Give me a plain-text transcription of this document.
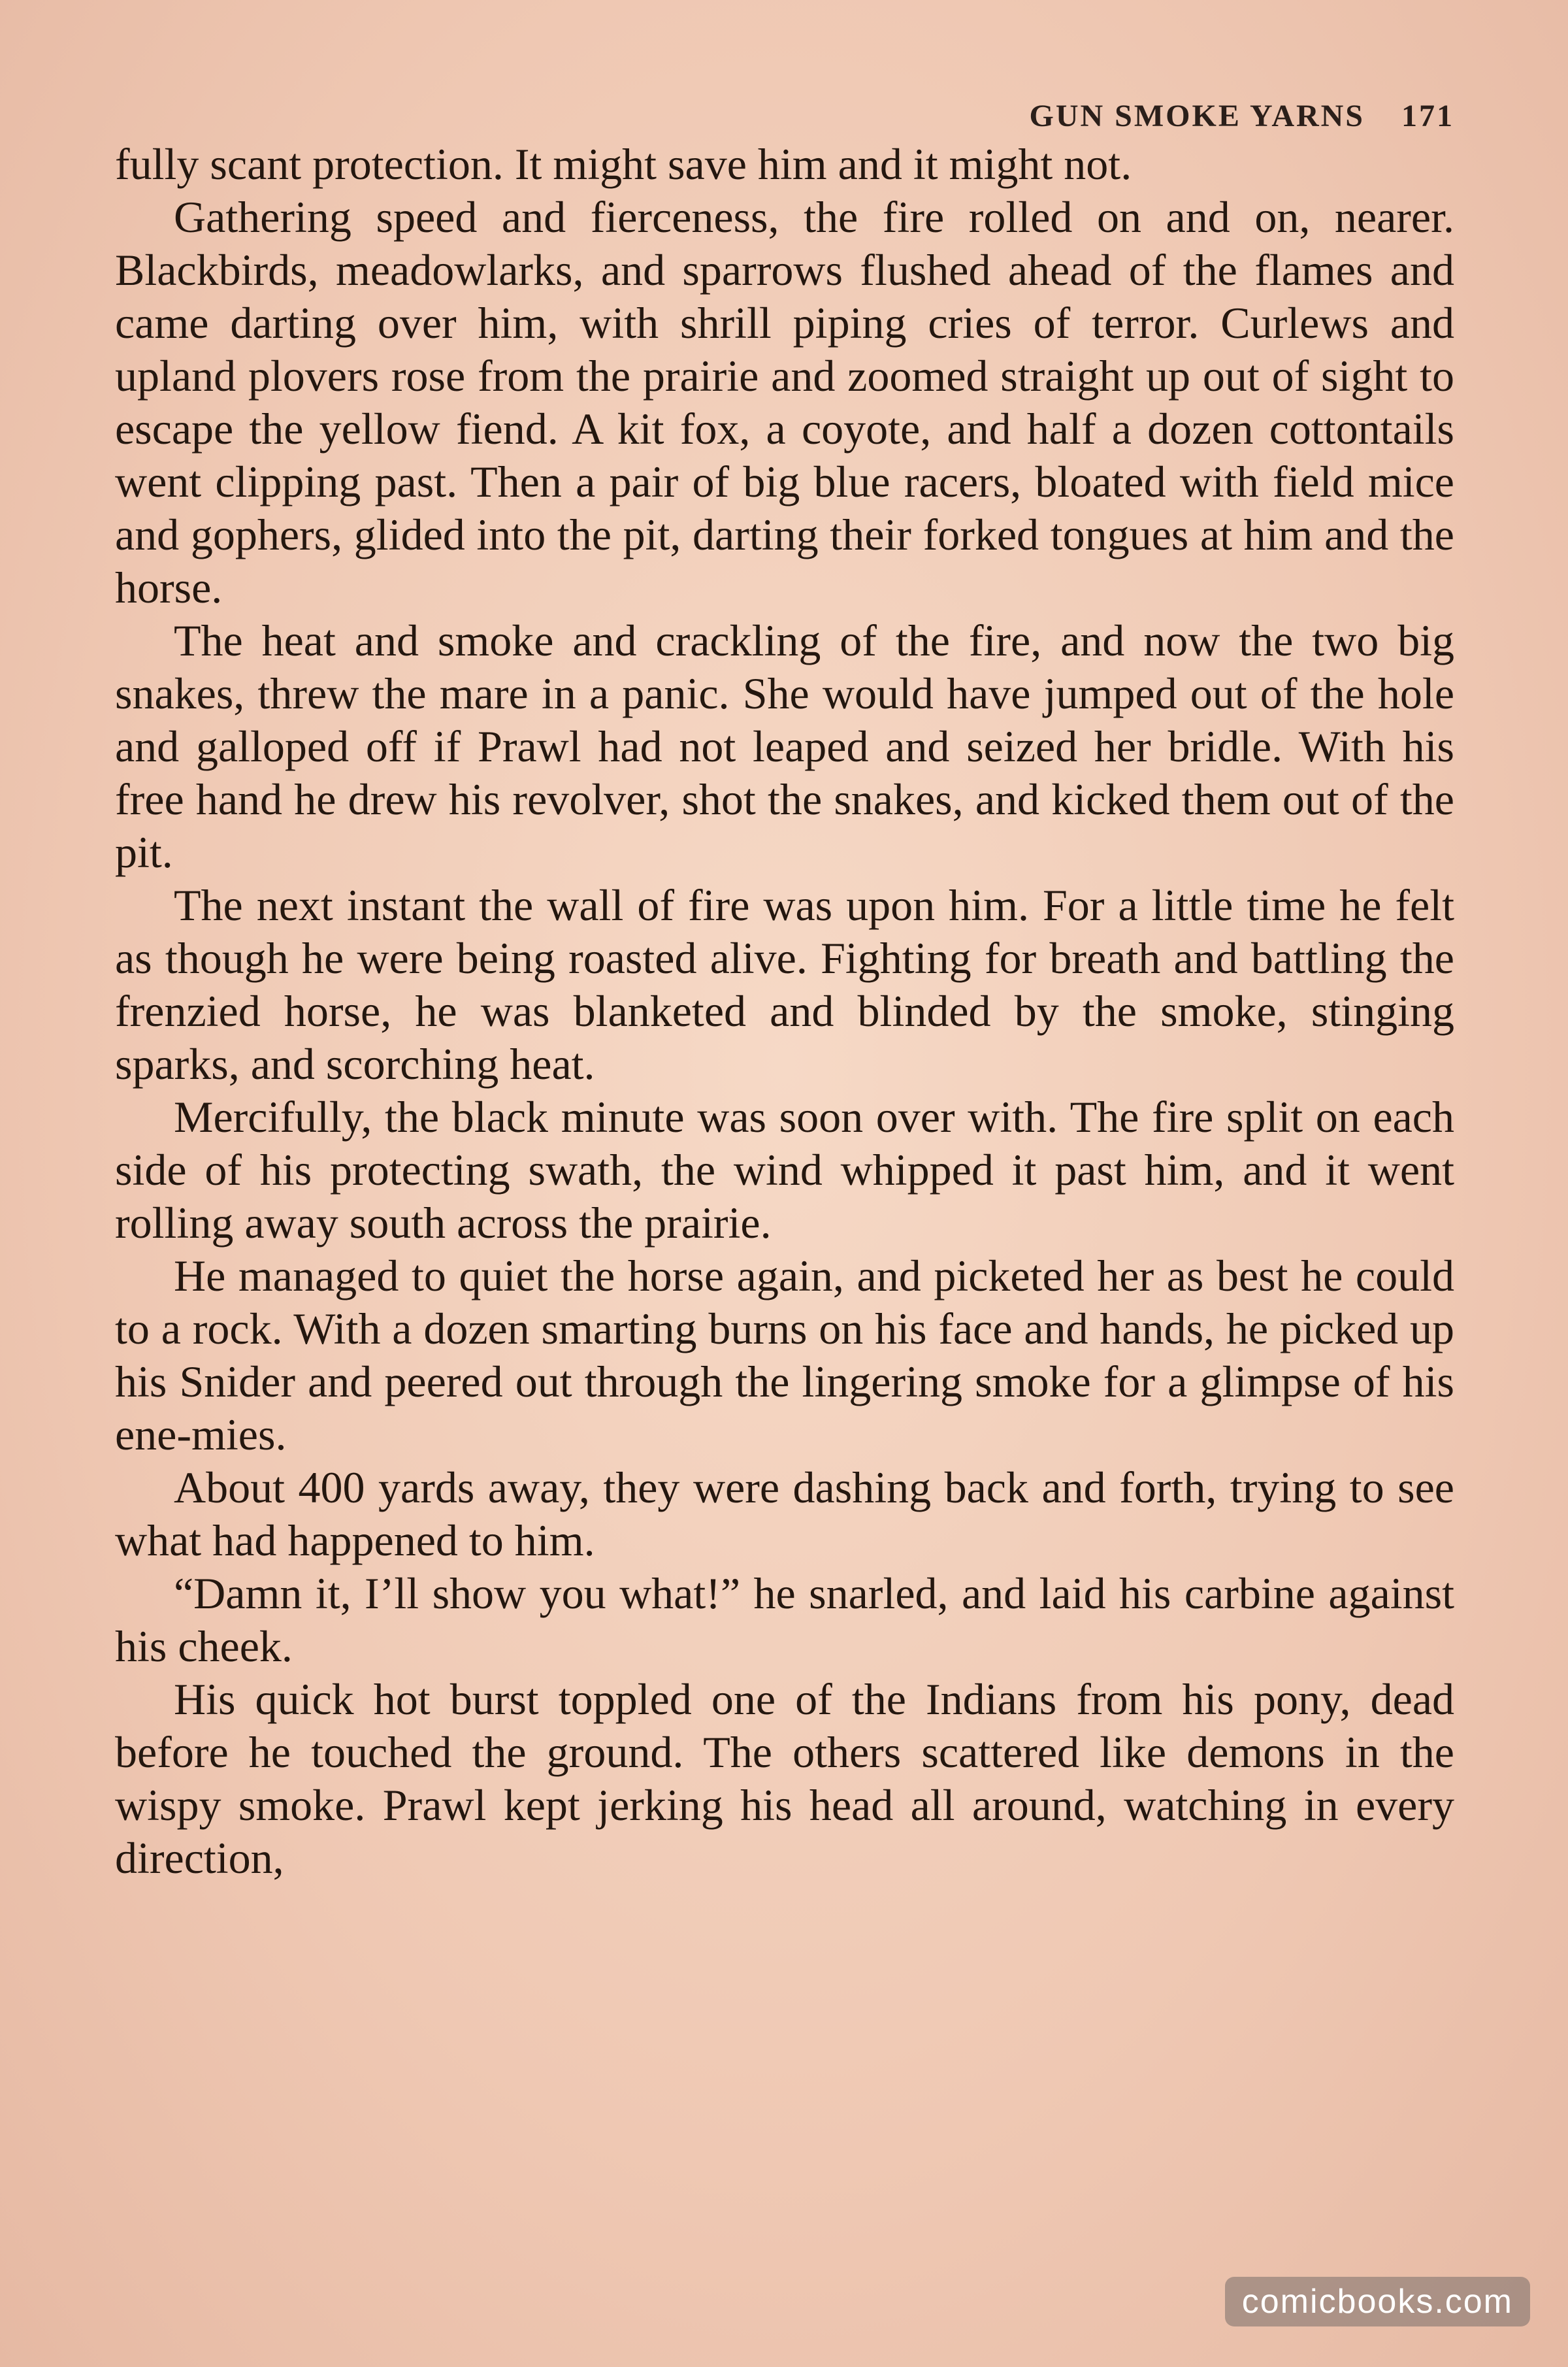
GUN SMOKE YARNS 171

fully scant protection. It might save him and it might not.

Gathering speed and fierceness, the fire rolled on and on, nearer. Blackbirds, meadowlarks, and sparrows flushed ahead of the flames and came darting over him, with shrill piping cries of terror. Curlews and upland plovers rose from the prairie and zoomed straight up out of sight to escape the yellow fiend. A kit fox, a coyote, and half a dozen cottontails went clipping past. Then a pair of big blue racers, bloated with field mice and gophers, glided into the pit, darting their forked tongues at him and the horse.

The heat and smoke and crackling of the fire, and now the two big snakes, threw the mare in a panic. She would have jumped out of the hole and galloped off if Prawl had not leaped and seized her bridle. With his free hand he drew his revolver, shot the snakes, and kicked them out of the pit.

The next instant the wall of fire was upon him. For a little time he felt as though he were being roasted alive. Fighting for breath and battling the frenzied horse, he was blanketed and blinded by the smoke, stinging sparks, and scorching heat.

Mercifully, the black minute was soon over with. The fire split on each side of his protecting swath, the wind whipped it past him, and it went rolling away south across the prairie.

He managed to quiet the horse again, and picketed her as best he could to a rock. With a dozen smarting burns on his face and hands, he picked up his Snider and peered out through the lingering smoke for a glimpse of his ene-mies.

About 400 yards away, they were dashing back and forth, trying to see what had happened to him.

“Damn it, I’ll show you what!” he snarled, and laid his carbine against his cheek.

His quick hot burst toppled one of the Indians from his pony, dead before he touched the ground. The others scattered like demons in the wispy smoke. Prawl kept jerking his head all around, watching in every direction,

comicbooks.com
